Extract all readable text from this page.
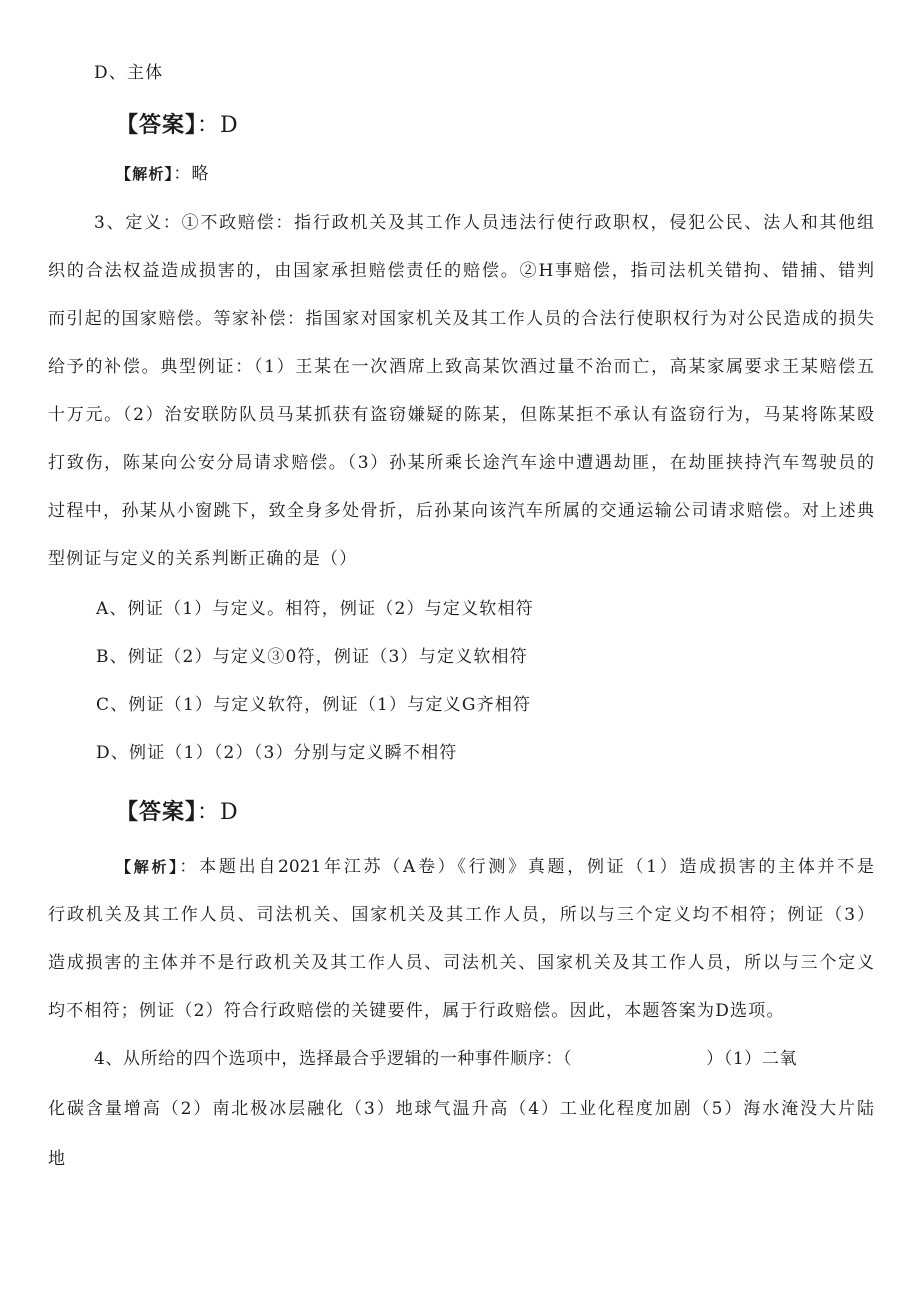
D、主体
【答案】：D
【解析】：略
3、定义：①不政赔偿：指行政机关及其工作人员违法行使行政职权，侵犯公民、法人和其他组
织的合法权益造成损害的，由国家承担赔偿责任的赔偿。②H事赔偿，指司法机关错拘、错捕、错判
而引起的国家赔偿。等家补偿：指国家对国家机关及其工作人员的合法行使职权行为对公民造成的损失
给予的补偿。典型例证：（1）王某在一次酒席上致高某饮酒过量不治而亡，高某家属要求王某赔偿五
十万元。（2）治安联防队员马某抓获有盗窃嫌疑的陈某，但陈某拒不承认有盗窃行为，马某将陈某殴
打致伤，陈某向公安分局请求赔偿。（3）孙某所乘长途汽车途中遭遇劫匪，在劫匪挟持汽车驾驶员的
过程中，孙某从小窗跳下，致全身多处骨折，后孙某向该汽车所属的交通运输公司请求赔偿。对上述典
型例证与定义的关系判断正确的是（）
A、例证（1）与定义。相符，例证（2）与定义软相符
B、例证（2）与定义③0符，例证（3）与定义软相符
C、例证（1）与定义软符，例证（1）与定义G齐相符
D、例证（1）（2）（3）分别与定义瞬不相符
【答案】：D
【解析】：本题出自2021年江苏（A卷）《行测》真题，例证（1）造成损害的主体并不是
行政机关及其工作人员、司法机关、国家机关及其工作人员，所以与三个定义均不相符；例证（3）
造成损害的主体并不是行政机关及其工作人员、司法机关、国家机关及其工作人员，所以与三个定义
均不相符；例证（2）符合行政赔偿的关键要件，属于行政赔偿。因此，本题答案为D选项。
4、从所给的四个选项中，选择最合乎逻辑的一种事件顺序：（	）（1）二氧
化碳含量增高（2）南北极冰层融化（3）地球气温升高（4）工业化程度加剧（5）海水淹没大片陆
地
